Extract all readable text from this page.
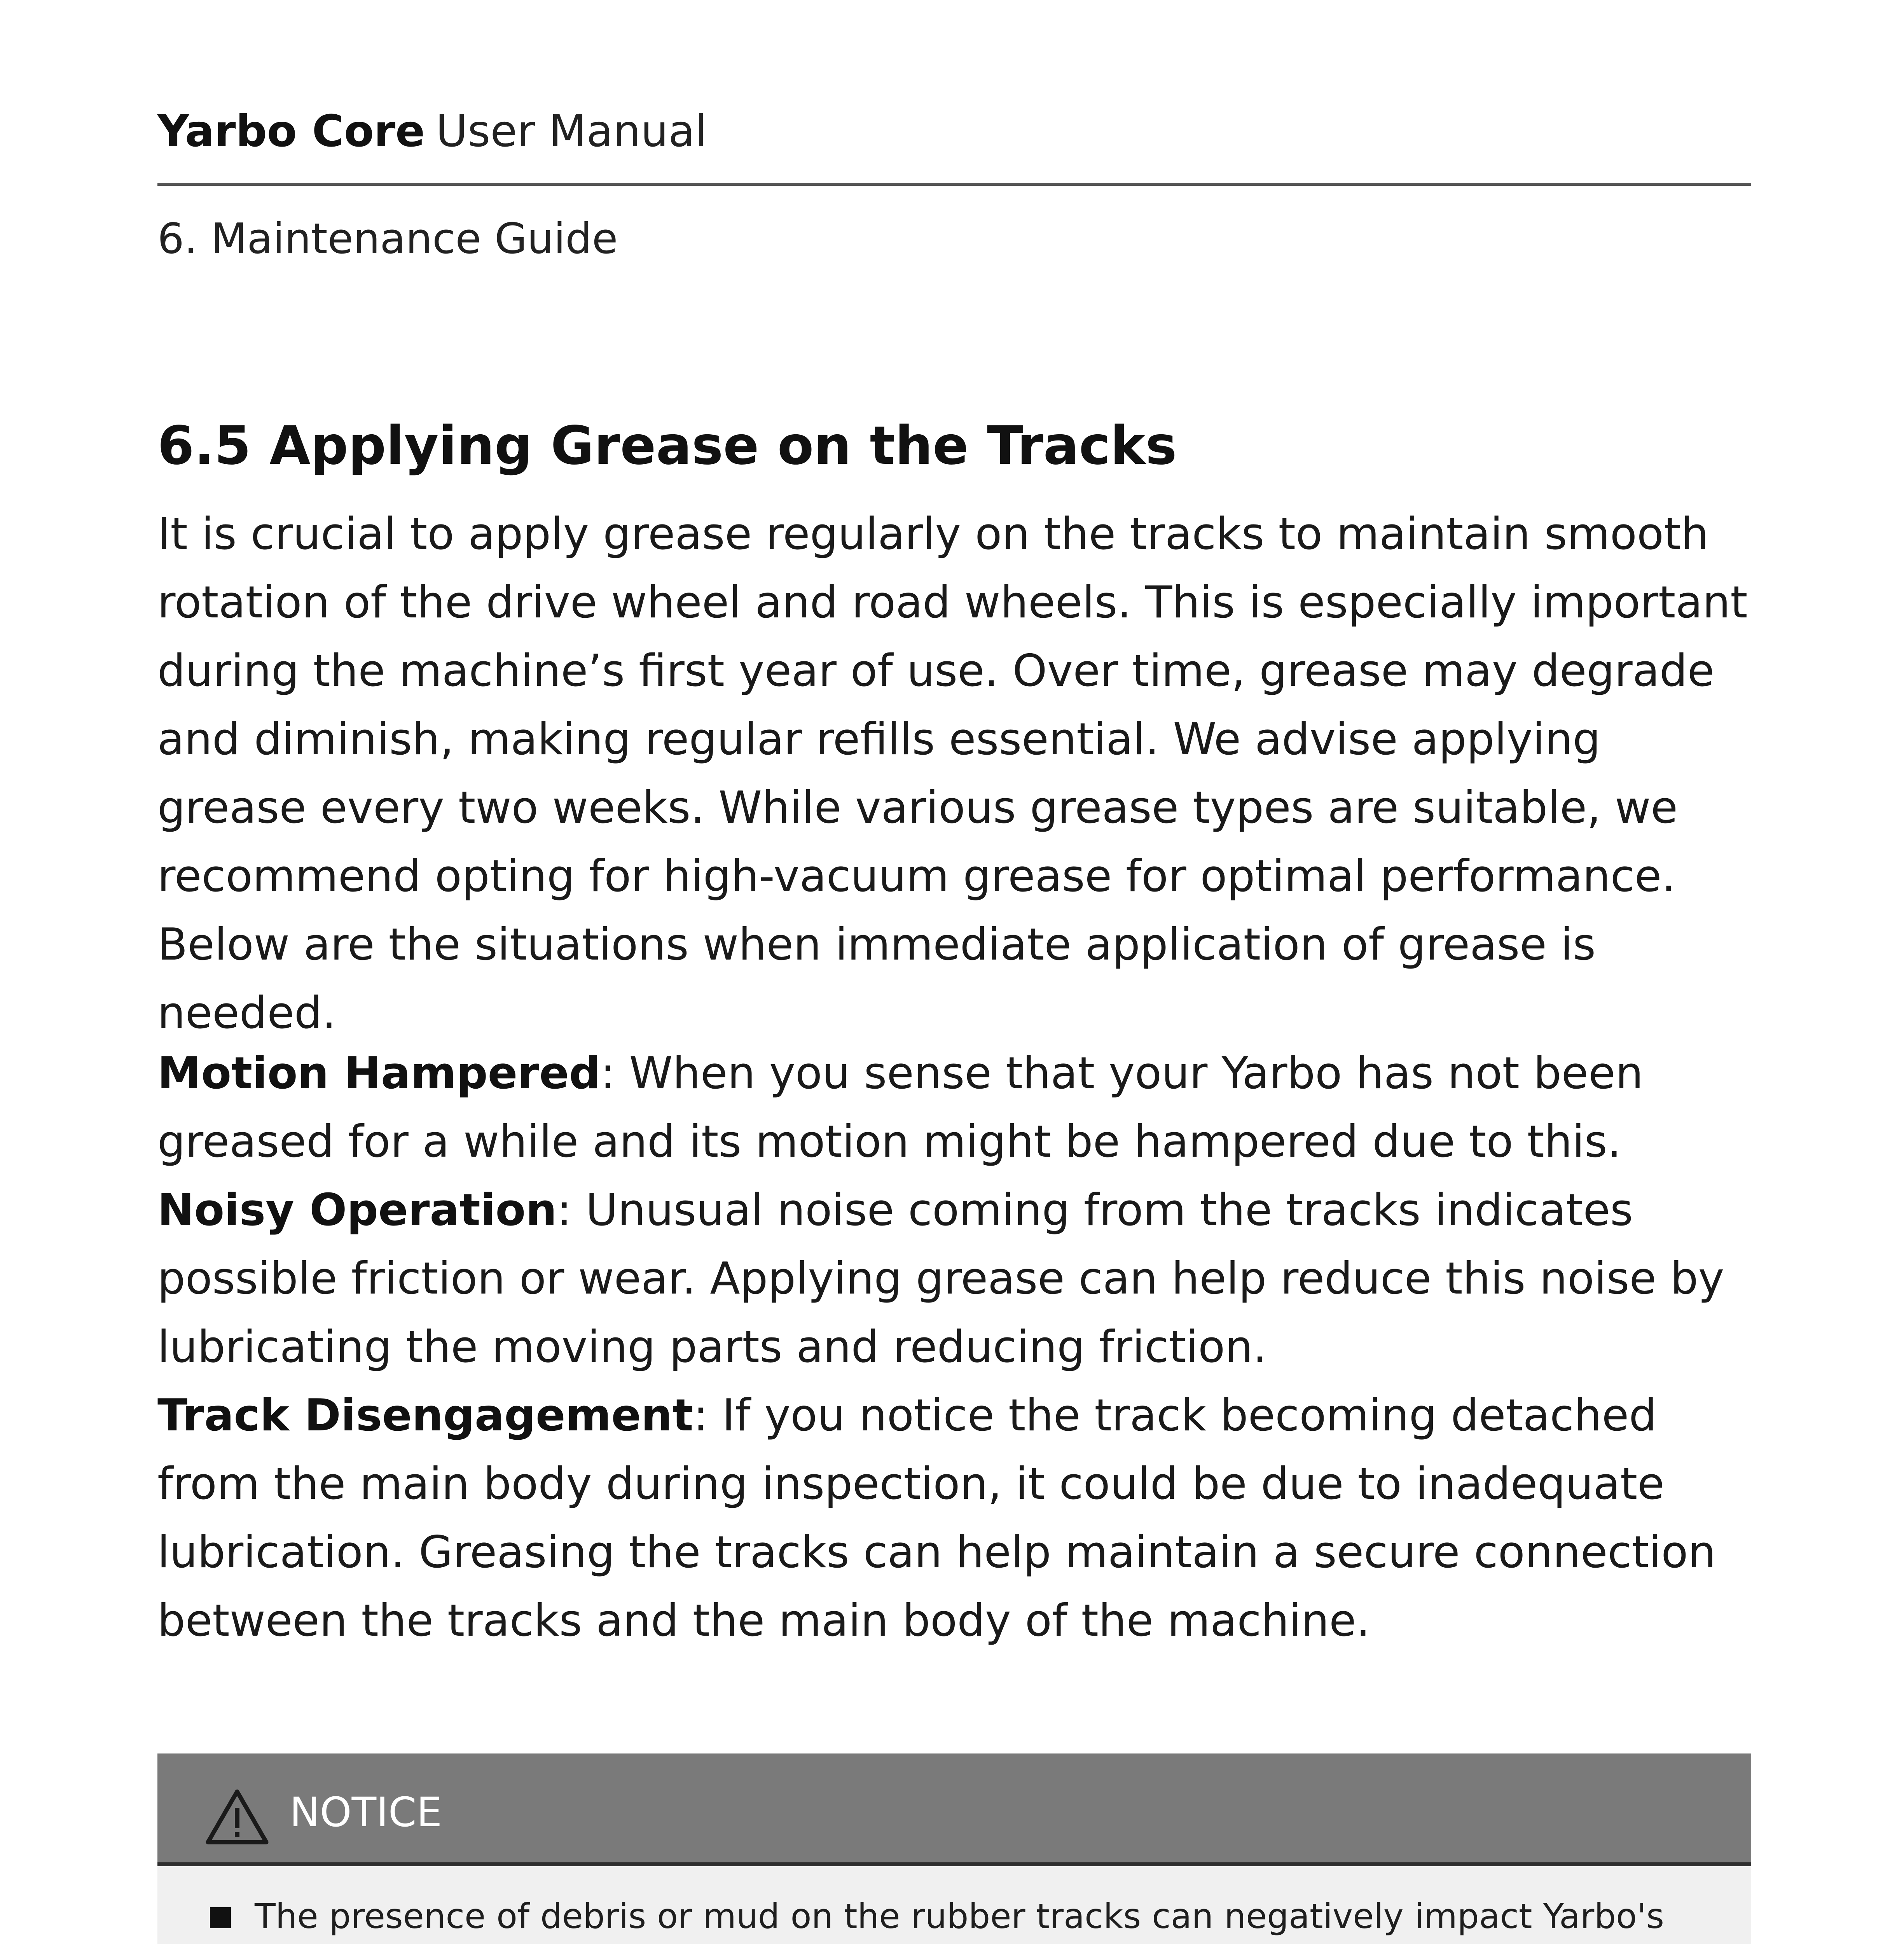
Yarbo Core User Manual
6. Maintenance Guide
6.5 Applying Grease on the Tracks

It is crucial to apply grease regularly on the tracks to maintain smooth rotation of the drive wheel and road wheels. This is especially important during the machine’s first year of use. Over time, grease may degrade and diminish, making regular refills essential. We advise applying grease every two weeks. While various grease types are suitable, we recommend opting for high-vacuum grease for optimal performance. Below are the situations when immediate application of grease is needed.

Motion Hampered: When you sense that your Yarbo has not been greased for a while and its motion might be hampered due to this.

Noisy Operation: Unusual noise coming from the tracks indicates possible friction or wear. Applying grease can help reduce this noise by lubricating the moving parts and reducing friction.

Track Disengagement: If you notice the track becoming detached from the main body during inspection, it could be due to inadequate lubrication. Greasing the tracks can help maintain a secure connection between the tracks and the main body of the machine.

NOTICE
The presence of debris or mud on the rubber tracks can negatively impact Yarbo's
